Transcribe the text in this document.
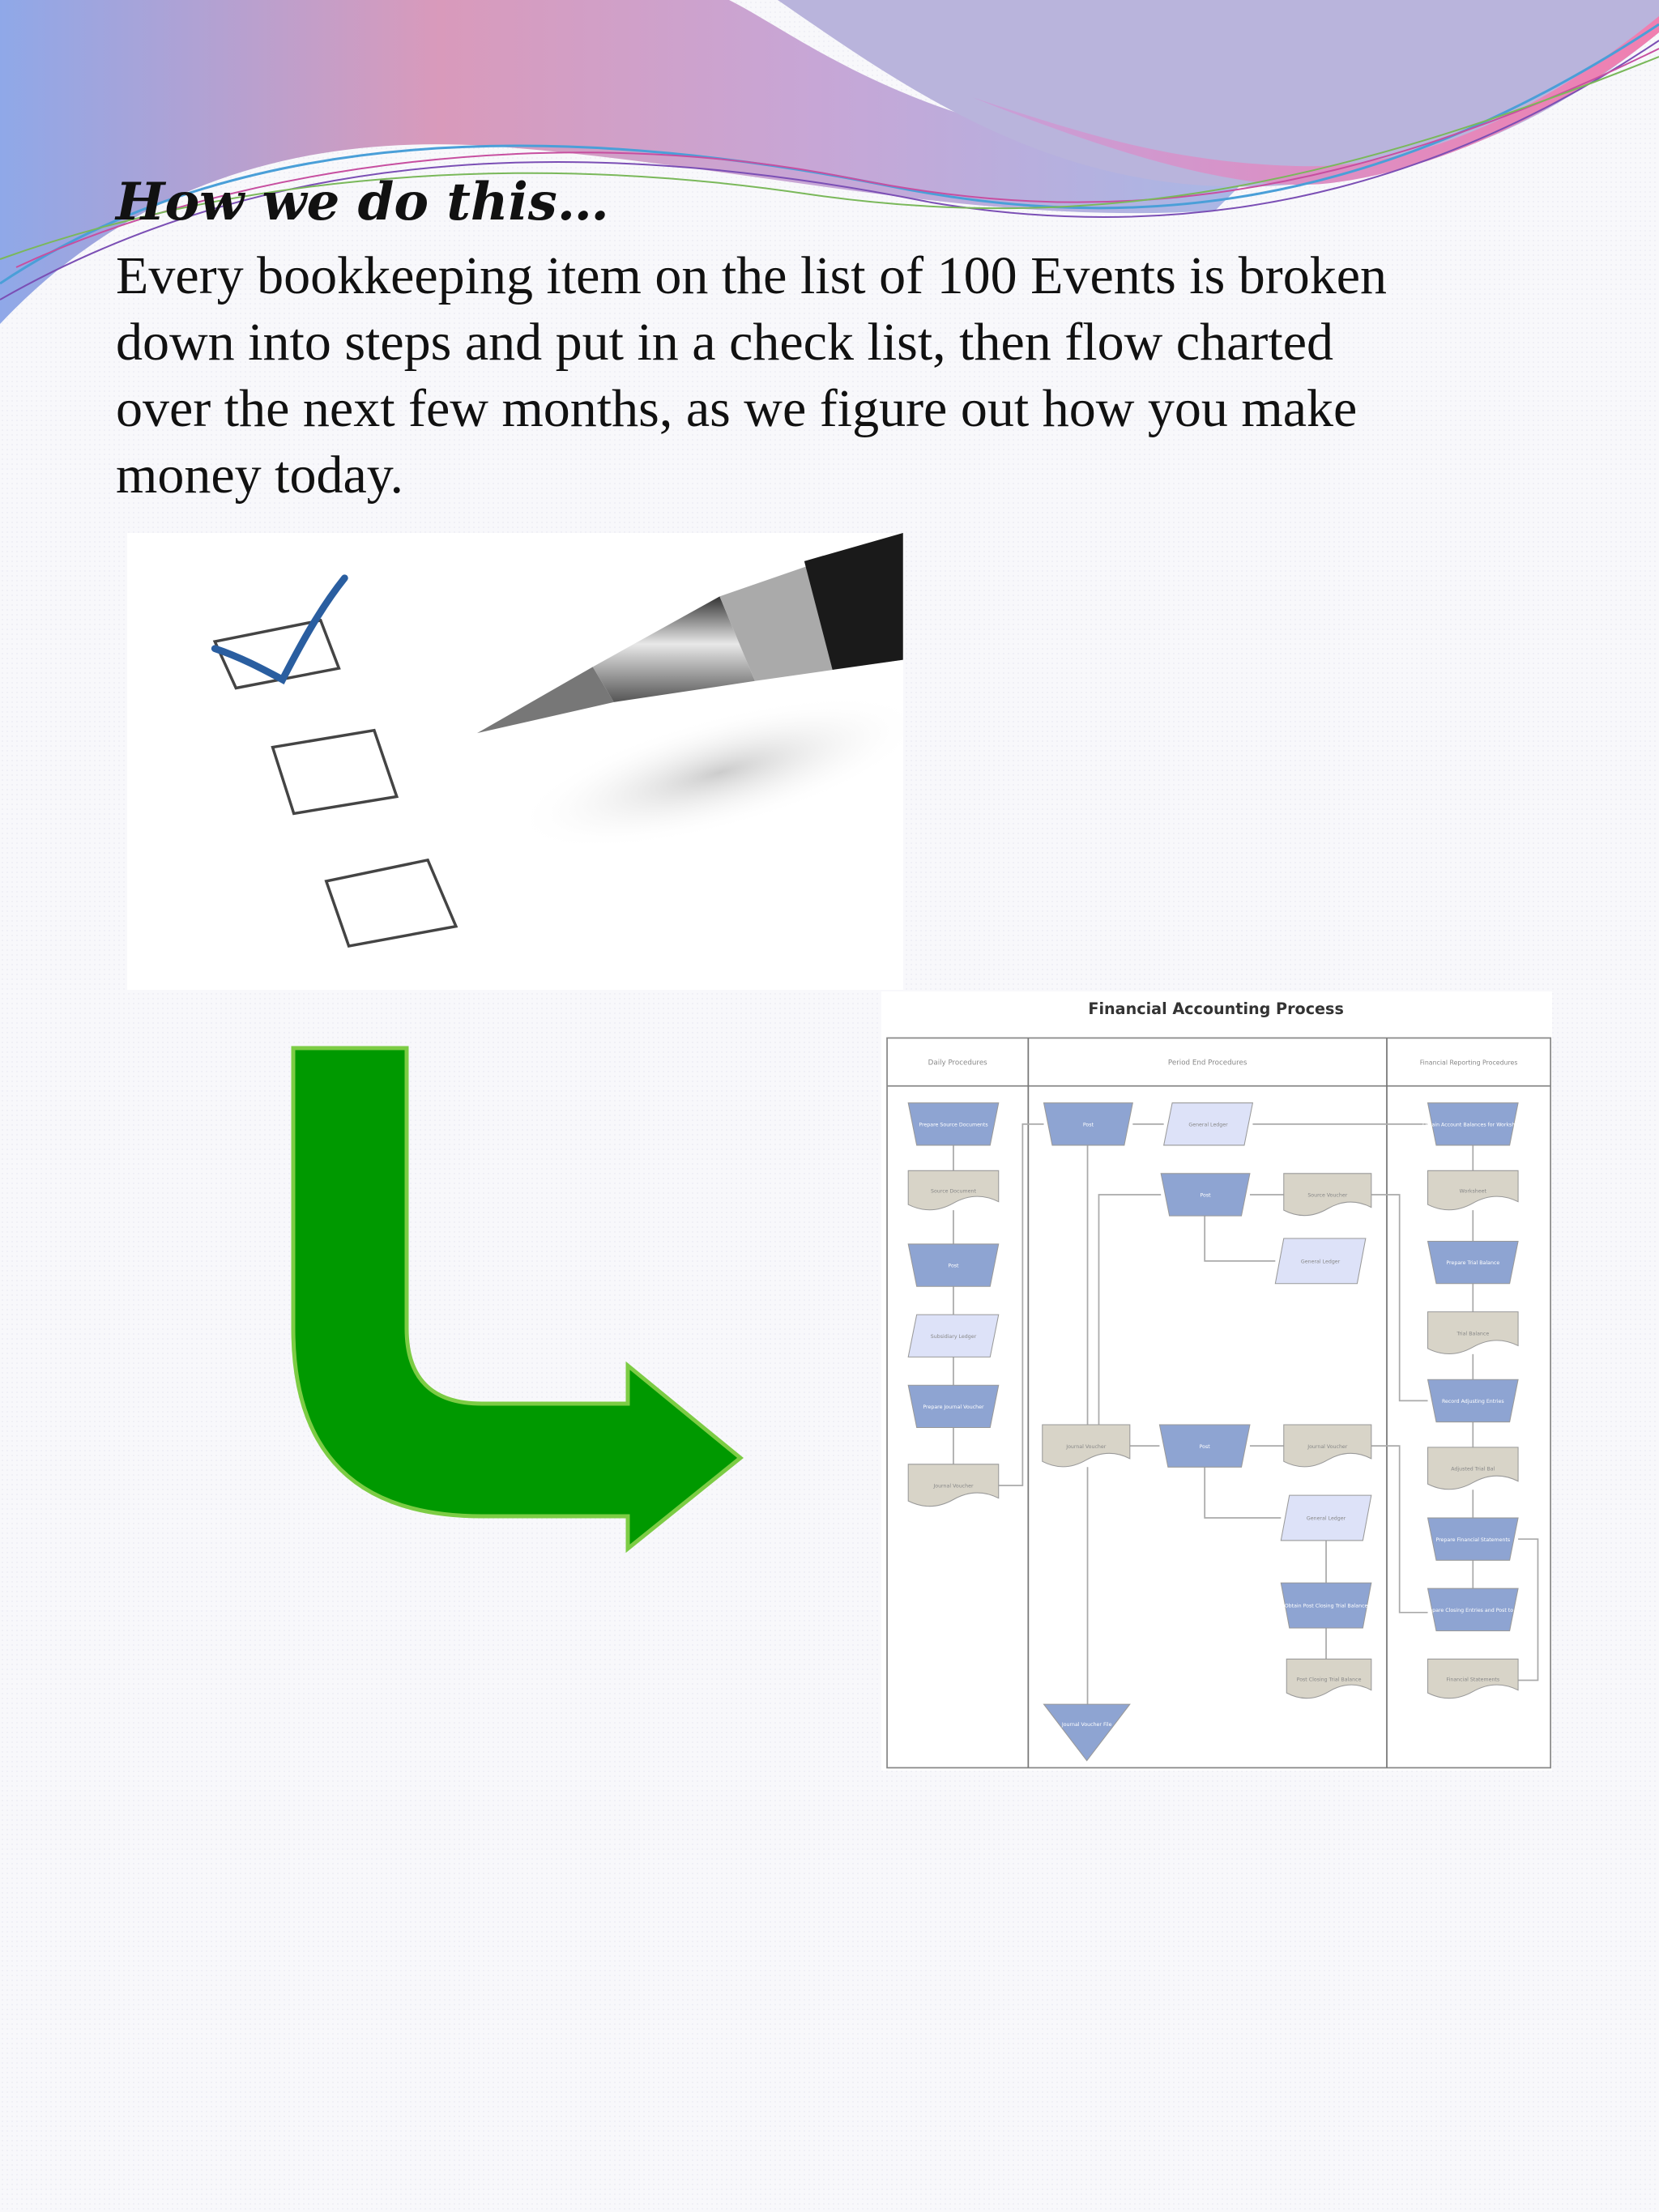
How we do this…
Every bookkeeping item on the list of 100 Events is broken
down into steps and put in a check list, then flow charted
over the next few months, as we figure out how you make
money today.
Financial Accounting Process
Daily Procedures	Period End Procedures	Financial Reporting Procedures
Prepare Source Documents
Source Document
Post
Subsidiary Ledger
Prepare Journal Voucher
Journal Voucher
Post	General Ledger
Post	Source Voucher
General Ledger
Journal Voucher	Post	Journal Voucher
General Ledger
Obtain Post Closing Trial Balance
Post Closing Trial Balance
Journal Voucher File
Obtain Account Balances for Worksheet
Worksheet
Prepare Trial Balance
Trial Balance
Record Adjusting Entries
Adjusted Trial Bal
Prepare Financial Statements
Prepare Closing Entries and Post to GL
Financial Statements
